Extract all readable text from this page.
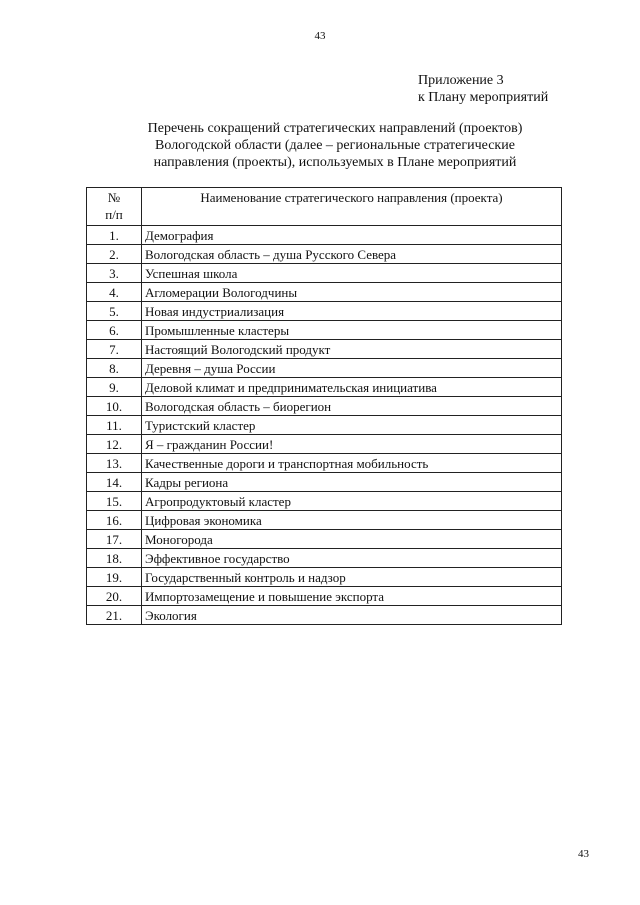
43
Приложение 3
к Плану мероприятий
Перечень сокращений стратегических направлений (проектов)
Вологодской области (далее – региональные стратегические
направления (проекты), используемых в Плане мероприятий
№
п/п	Наименование стратегического направления (проекта)
1.	Демография
2.	Вологодская область – душа Русского Севера
3.	Успешная школа
4.	Агломерации Вологодчины
5.	Новая индустриализация
6.	Промышленные кластеры
7.	Настоящий Вологодский продукт
8.	Деревня – душа России
9.	Деловой климат и предпринимательская инициатива
10.	Вологодская область – биорегион
11.	Туристский кластер
12.	Я – гражданин России!
13.	Качественные дороги и транспортная мобильность
14.	Кадры региона
15.	Агропродуктовый кластер
16.	Цифровая экономика
17.	Моногорода
18.	Эффективное государство
19.	Государственный контроль и надзор
20.	Импортозамещение и повышение экспорта
21.	Экология
43
